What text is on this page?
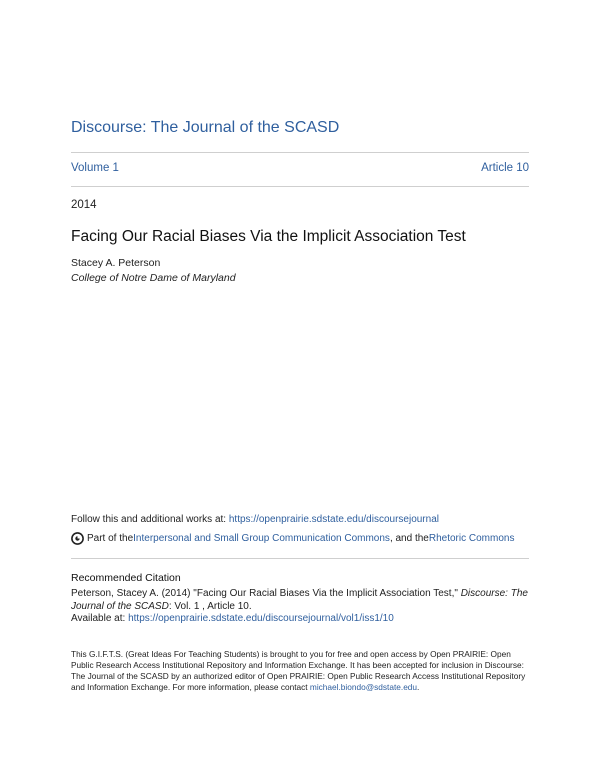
Discourse: The Journal of the SCASD
Volume 1	Article 10
2014
Facing Our Racial Biases Via the Implicit Association Test
Stacey A. Peterson
College of Notre Dame of Maryland
Follow this and additional works at: https://openprairie.sdstate.edu/discoursejournal
Part of the Interpersonal and Small Group Communication Commons , and the Rhetoric Commons
Recommended Citation
Peterson, Stacey A. (2014) "Facing Our Racial Biases Via the Implicit Association Test," Discourse: The Journal of the SCASD: Vol. 1 , Article 10.
Available at: https://openprairie.sdstate.edu/discoursejournal/vol1/iss1/10
This G.I.F.T.S. (Great Ideas For Teaching Students) is brought to you for free and open access by Open PRAIRIE: Open Public Research Access Institutional Repository and Information Exchange. It has been accepted for inclusion in Discourse: The Journal of the SCASD by an authorized editor of Open PRAIRIE: Open Public Research Access Institutional Repository and Information Exchange. For more information, please contact michael.biondo@sdstate.edu.
